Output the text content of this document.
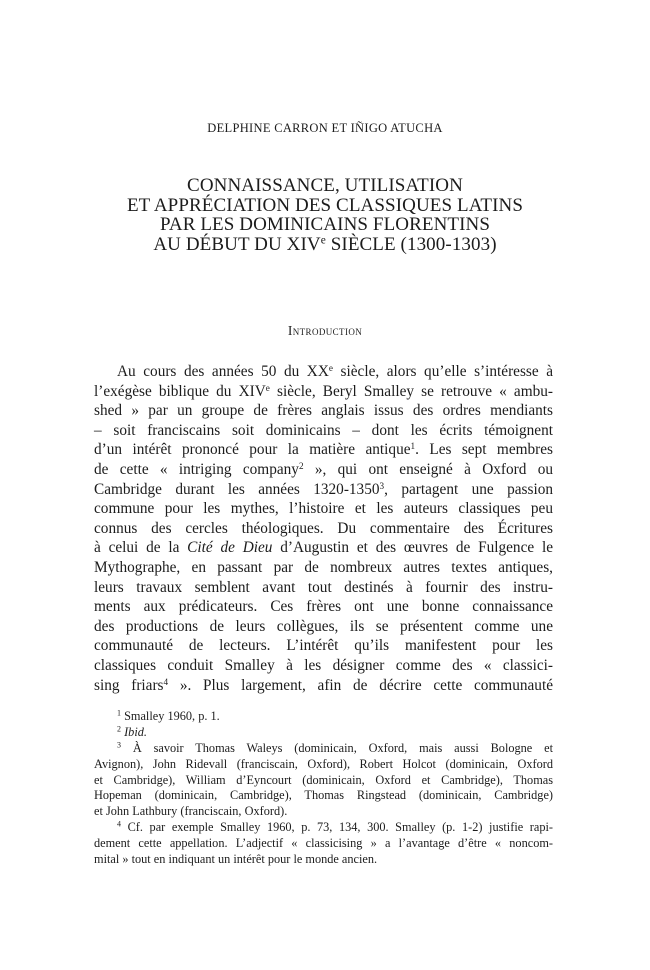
DELPHINE CARRON ET IÑIGO ATUCHA
CONNAISSANCE, UTILISATION
ET APPRÉCIATION DES CLASSIQUES LATINS
PAR LES DOMINICAINS FLORENTINS
AU DÉBUT DU XIVe SIÈCLE (1300-1303)
Introduction
Au cours des années 50 du XXe siècle, alors qu’elle s’intéresse à
l’exégèse biblique du XIVe siècle, Beryl Smalley se retrouve « ambu-
shed » par un groupe de frères anglais issus des ordres mendiants
– soit franciscains soit dominicains – dont les écrits témoignent
d’un intérêt prononcé pour la matière antique$^1$. Les sept membres
de cette « intriging company$^2$ », qui ont enseigné à Oxford ou
Cambridge durant les années 1320-1350$^3$, partagent une passion
commune pour les mythes, l’histoire et les auteurs classiques peu
connus des cercles théologiques. Du commentaire des Écritures
à celui de la Cité de Dieu d’Augustin et des œuvres de Fulgence le
Mythographe, en passant par de nombreux autres textes antiques,
leurs travaux semblent avant tout destinés à fournir des instru-
ments aux prédicateurs. Ces frères ont une bonne connaissance
des productions de leurs collègues, ils se présentent comme une
communauté de lecteurs. L’intérêt qu’ils manifestent pour les
classiques conduit Smalley à les désigner comme des « classici-
sing friars$^4$ ». Plus largement, afin de décrire cette communauté
$^1$ Smalley 1960, p. 1.
$^2$ Ibid.
$^3$ À savoir Thomas Waleys (dominicain, Oxford, mais aussi Bologne et
Avignon), John Ridevall (franciscain, Oxford), Robert Holcot (dominicain, Oxford
et Cambridge), William d’Eyncourt (dominicain, Oxford et Cambridge), Thomas
Hopeman (dominicain, Cambridge), Thomas Ringstead (dominicain, Cambridge)
et John Lathbury (franciscain, Oxford).
$^4$ Cf. par exemple Smalley 1960, p. 73, 134, 300. Smalley (p. 1-2) justifie rapi-
dement cette appellation. L’adjectif « classicising » a l’avantage d’être « noncom-
mital » tout en indiquant un intérêt pour le monde ancien.
